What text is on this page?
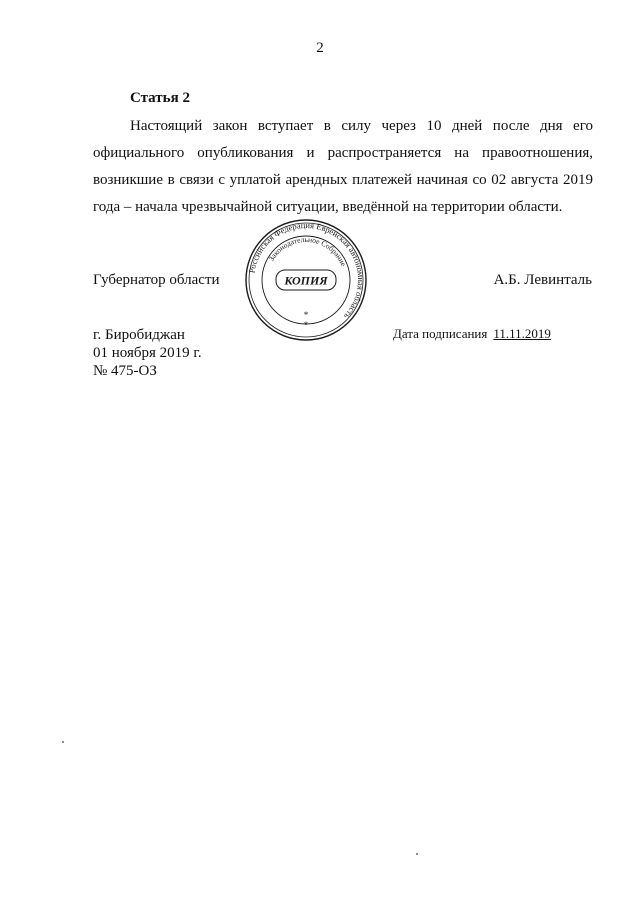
2
Статья 2

Настоящий закон вступает в силу через 10 дней после дня его официального опубликования и распространяется на правоотношения, возникшие в связи с уплатой арендных платежей начиная со 02 августа 2019 года – начала чрезвычайной ситуации, введённой на территории области.

Губернатор области
Российская Федерация Еврейская автономная область
Законодательное Собрание
КОПИЯ
*
*
А.Б. Левинталь
г. Биробиджан
01 ноября 2019 г.
№ 475-ОЗ
Дата подписания 11.11.2019
